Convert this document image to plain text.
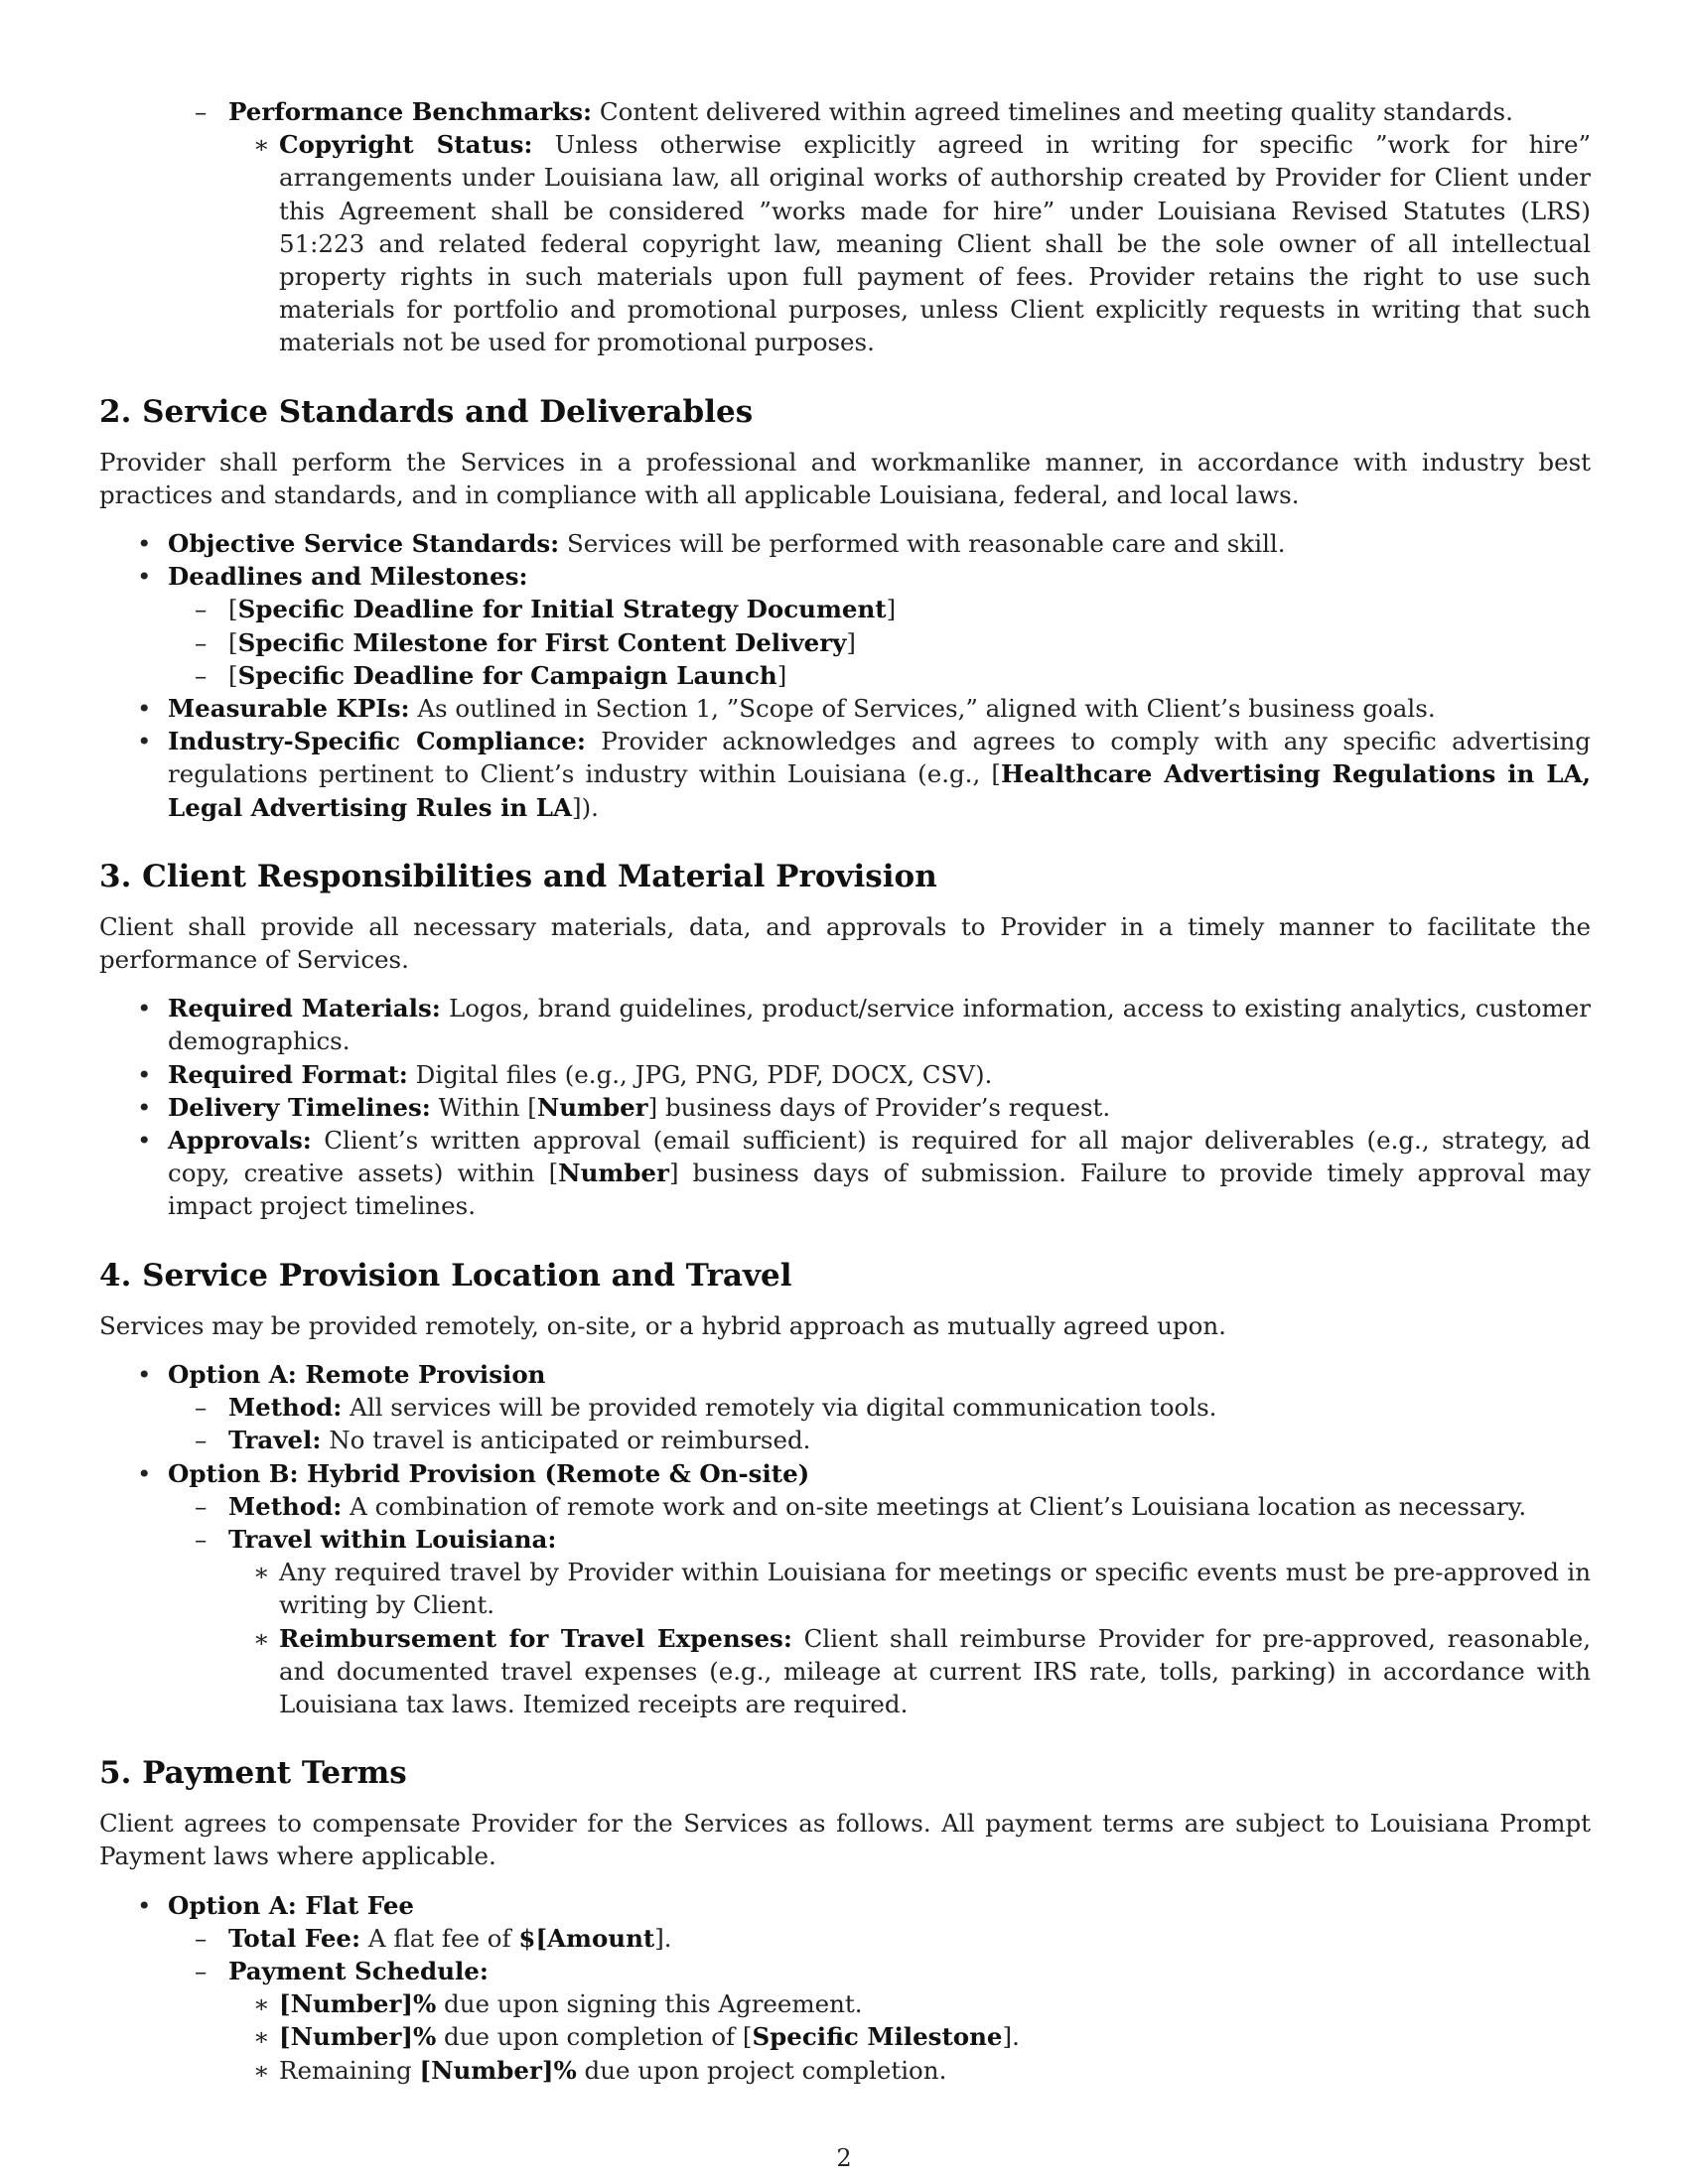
– Performance Benchmarks: Content delivered within agreed timelines and meeting quality standards.
∗ Copyright Status: Unless otherwise explicitly agreed in writing for specific ”work for hire” arrangements under Louisiana law, all original works of authorship created by Provider for Client under this Agreement shall be considered ”works made for hire” under Louisiana Revised Statutes (LRS) 51:223 and related federal copyright law, meaning Client shall be the sole owner of all intellectual property rights in such materials upon full payment of fees. Provider retains the right to use such materials for portfolio and promotional purposes, unless Client explicitly requests in writing that such materials not be used for promotional purposes.
2. Service Standards and Deliverables

Provider shall perform the Services in a professional and workmanlike manner, in accordance with industry best practices and standards, and in compliance with all applicable Louisiana, federal, and local laws.

• Objective Service Standards: Services will be performed with reasonable care and skill.
• Deadlines and Milestones:
– [Specific Deadline for Initial Strategy Document]
– [Specific Milestone for First Content Delivery]
– [Specific Deadline for Campaign Launch]
• Measurable KPIs: As outlined in Section 1, ”Scope of Services,” aligned with Client’s business goals.
• Industry-Specific Compliance: Provider acknowledges and agrees to comply with any specific advertising regulations pertinent to Client’s industry within Louisiana (e.g., [Healthcare Advertising Regulations in LA, Legal Advertising Rules in LA]).
3. Client Responsibilities and Material Provision

Client shall provide all necessary materials, data, and approvals to Provider in a timely manner to facilitate the performance of Services.

• Required Materials: Logos, brand guidelines, product/service information, access to existing analytics, customer demographics.
• Required Format: Digital files (e.g., JPG, PNG, PDF, DOCX, CSV).
• Delivery Timelines: Within [Number] business days of Provider’s request.
• Approvals: Client’s written approval (email sufficient) is required for all major deliverables (e.g., strategy, ad copy, creative assets) within [Number] business days of submission. Failure to provide timely approval may impact project timelines.
4. Service Provision Location and Travel

Services may be provided remotely, on-site, or a hybrid approach as mutually agreed upon.

• Option A: Remote Provision
– Method: All services will be provided remotely via digital communication tools.
– Travel: No travel is anticipated or reimbursed.
• Option B: Hybrid Provision (Remote & On-site)
– Method: A combination of remote work and on-site meetings at Client’s Louisiana location as necessary.
– Travel within Louisiana:
∗ Any required travel by Provider within Louisiana for meetings or specific events must be pre-approved in writing by Client.
∗ Reimbursement for Travel Expenses: Client shall reimburse Provider for pre-approved, reasonable, and documented travel expenses (e.g., mileage at current IRS rate, tolls, parking) in accordance with Louisiana tax laws. Itemized receipts are required.
5. Payment Terms

Client agrees to compensate Provider for the Services as follows. All payment terms are subject to Louisiana Prompt Payment laws where applicable.

• Option A: Flat Fee
– Total Fee: A flat fee of $[Amount].
– Payment Schedule:
∗ [Number]% due upon signing this Agreement.
∗ [Number]% due upon completion of [Specific Milestone].
∗ Remaining [Number]% due upon project completion.
2
